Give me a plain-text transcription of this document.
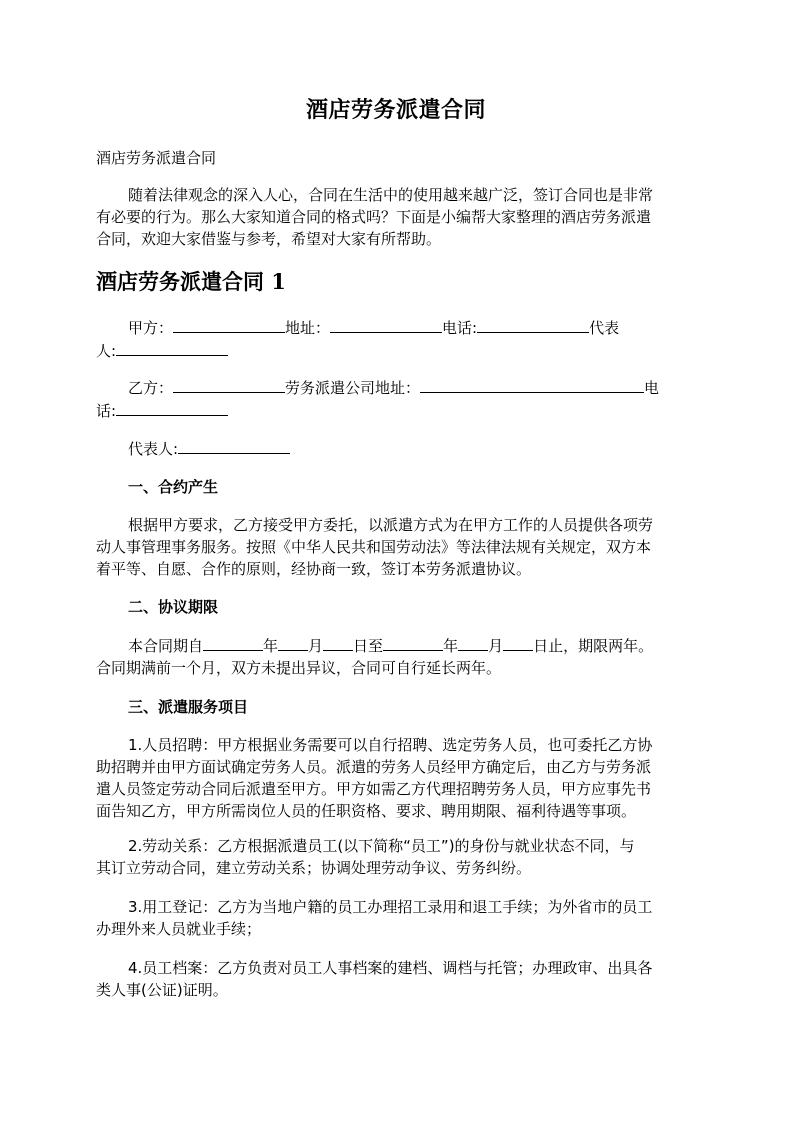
酒店劳务派遣合同
酒店劳务派遣合同
随着法律观念的深入人心，合同在生活中的使用越来越广泛，签订合同也是非常
有必要的行为。那么大家知道合同的格式吗？下面是小编帮大家整理的酒店劳务派遣
合同，欢迎大家借鉴与参考，希望对大家有所帮助。
酒店劳务派遣合同 1
甲方：	地址：	电话:	代表
人:
乙方：	劳务派遣公司地址：	电
话:
代表人:
一、合约产生
根据甲方要求，乙方接受甲方委托，以派遣方式为在甲方工作的人员提供各项劳
动人事管理事务服务。按照《中华人民共和国劳动法》等法律法规有关规定，双方本
着平等、自愿、合作的原则，经协商一致，签订本劳务派遣协议。
二、协议期限
本合同期自	年 月 日至	年 月 日止，期限两年。
合同期满前一个月，双方未提出异议，合同可自行延长两年。
三、派遣服务项目
1.人员招聘：甲方根据业务需要可以自行招聘、选定劳务人员，也可委托乙方协
助招聘并由甲方面试确定劳务人员。派遣的劳务人员经甲方确定后，由乙方与劳务派
遣人员签定劳动合同后派遣至甲方。甲方如需乙方代理招聘劳务人员，甲方应事先书
面告知乙方，甲方所需岗位人员的任职资格、要求、聘用期限、福利待遇等事项。
2.劳动关系：乙方根据派遣员工(以下简称“员工”)的身份与就业状态不同，与
其订立劳动合同，建立劳动关系；协调处理劳动争议、劳务纠纷。
3.用工登记：乙方为当地户籍的员工办理招工录用和退工手续；为外省市的员工
办理外来人员就业手续；
4.员工档案：乙方负责对员工人事档案的建档、调档与托管；办理政审、出具各
类人事(公证)证明。
